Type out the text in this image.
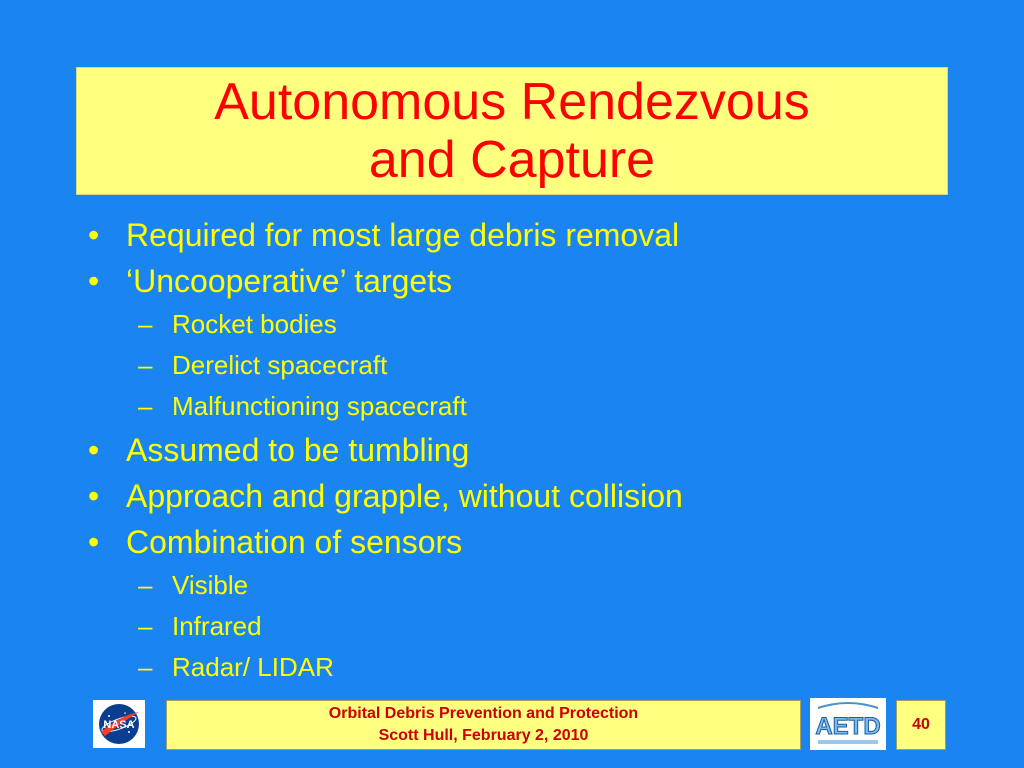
Autonomous Rendezvous
and Capture
• Required for most large debris removal
• ‘Uncooperative’ targets
– Rocket bodies
– Derelict spacecraft
– Malfunctioning spacecraft
• Assumed to be tumbling
• Approach and grapple, without collision
• Combination of sensors
– Visible
– Infrared
– Radar/ LIDAR
NASA
Orbital Debris Prevention and Protection
Scott Hull, February 2, 2010	AETD 40
